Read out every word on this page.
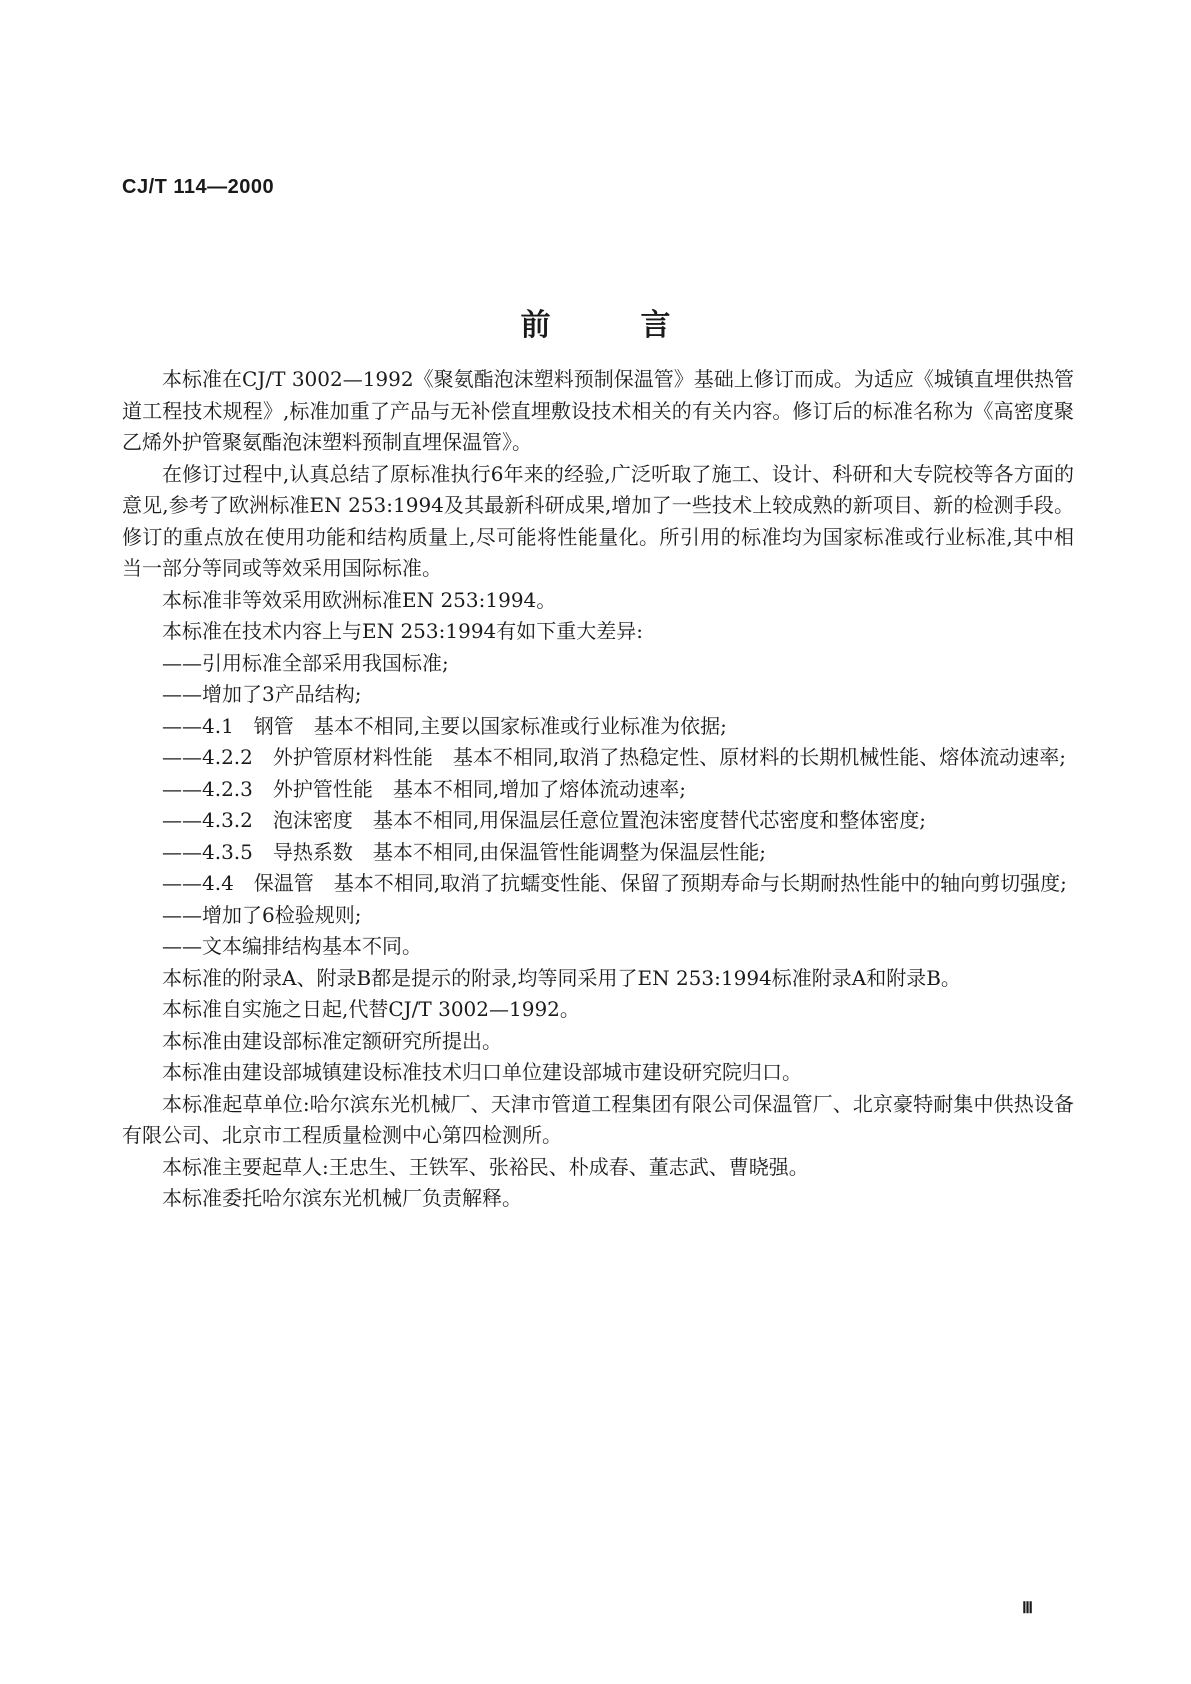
CJ/T 114—2000
前言

本标准在CJ/T 3002—1992《聚氨酯泡沫塑料预制保温管》基础上修订而成。为适应《城镇直埋供热管道工程技术规程》,标准加重了产品与无补偿直埋敷设技术相关的有关内容。修订后的标准名称为《高密度聚乙烯外护管聚氨酯泡沫塑料预制直埋保温管》。

在修订过程中,认真总结了原标准执行6年来的经验,广泛听取了施工、设计、科研和大专院校等各方面的意见,参考了欧洲标准EN 253:1994及其最新科研成果,增加了一些技术上较成熟的新项目、新的检测手段。修订的重点放在使用功能和结构质量上,尽可能将性能量化。所引用的标准均为国家标准或行业标准,其中相当一部分等同或等效采用国际标准。

本标准非等效采用欧洲标准EN 253:1994。

本标准在技术内容上与EN 253:1994有如下重大差异:

——引用标准全部采用我国标准;

——增加了3产品结构;

——4.1　钢管　基本不相同,主要以国家标准或行业标准为依据;

——4.2.2　外护管原材料性能　基本不相同,取消了热稳定性、原材料的长期机械性能、熔体流动速率;

——4.2.3　外护管性能　基本不相同,增加了熔体流动速率;

——4.3.2　泡沫密度　基本不相同,用保温层任意位置泡沫密度替代芯密度和整体密度;

——4.3.5　导热系数　基本不相同,由保温管性能调整为保温层性能;

——4.4　保温管　基本不相同,取消了抗蠕变性能、保留了预期寿命与长期耐热性能中的轴向剪切强度;

——增加了6检验规则;

——文本编排结构基本不同。

本标准的附录A、附录B都是提示的附录,均等同采用了EN 253:1994标准附录A和附录B。

本标准自实施之日起,代替CJ/T 3002—1992。

本标准由建设部标准定额研究所提出。

本标准由建设部城镇建设标准技术归口单位建设部城市建设研究院归口。

本标准起草单位:哈尔滨东光机械厂、天津市管道工程集团有限公司保温管厂、北京豪特耐集中供热设备有限公司、北京市工程质量检测中心第四检测所。

本标准主要起草人:王忠生、王铁军、张裕民、朴成春、董志武、曹晓强。

本标准委托哈尔滨东光机械厂负责解释。

Ⅲ
